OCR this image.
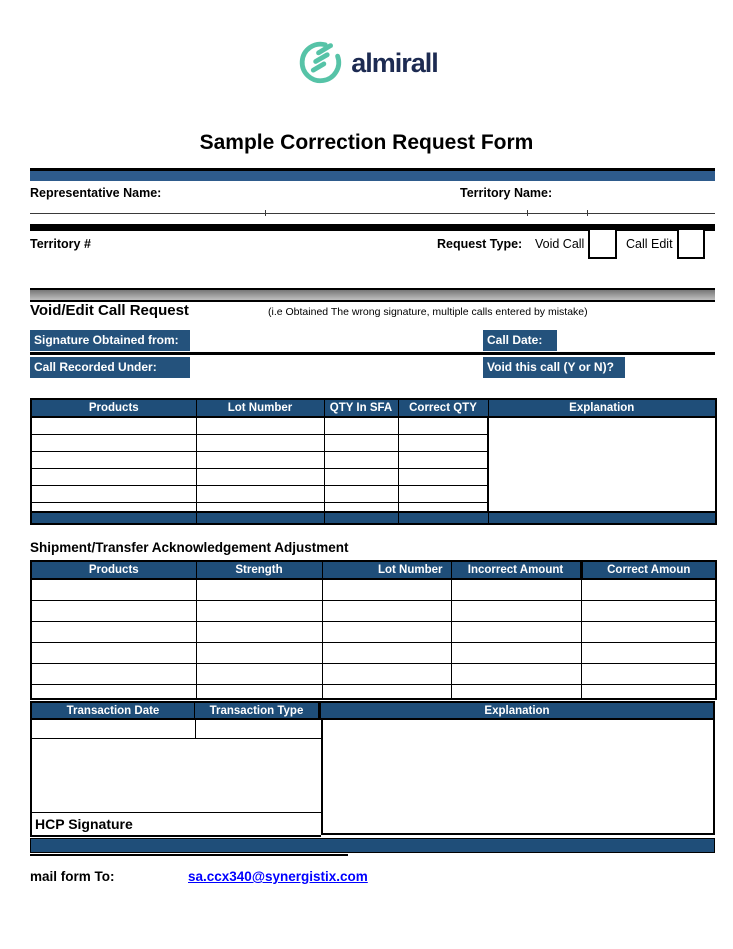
almirall
Sample Correction Request Form
Representative Name:	Territory Name:
Territory #	Request Type: Void Call	Call Edit
Void/Edit Call Request	(i.e Obtained The wrong signature, multiple calls entered by mistake)
Signature Obtained from:	Call Date:
Call Recorded Under:	Void this call (Y or N)?
Products	Lot Number	QTY In SFA	Correct QTY	Explanation

Shipment/Transfer Acknowledgement Adjustment
Products	Strength	Lot Number	Incorrect Amount	Correct Amoun

Transaction Date	Transaction Type	Explanation
HCP Signature
mail form To:	sa.ccx340@synergistix.com
